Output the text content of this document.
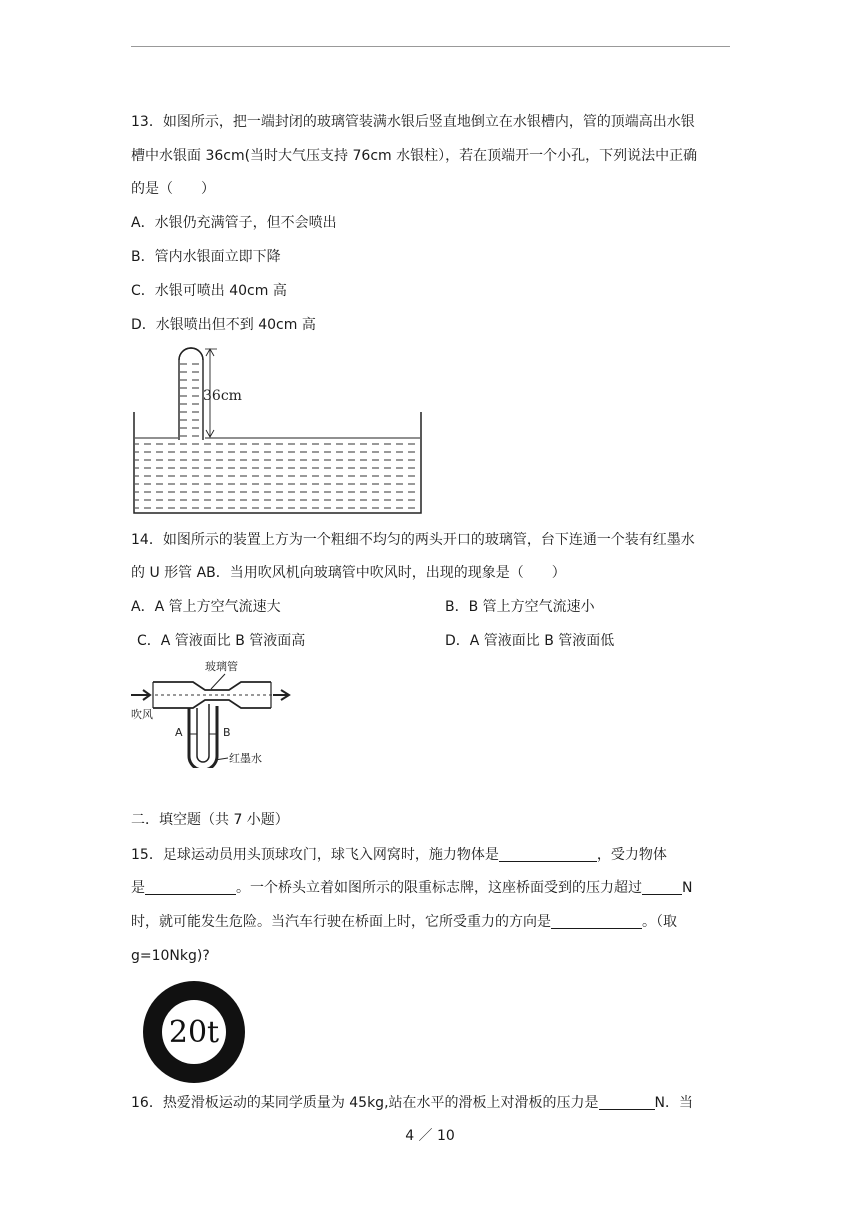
13．如图所示，把一端封闭的玻璃管装满水银后竖直地倒立在水银槽内，管的顶端高出水银
槽中水银面 36cm(当时大气压支持 76cm 水银柱），若在顶端开一个小孔，下列说法中正确
的是（　　）
A．水银仍充满管子，但不会喷出
B．管内水银面立即下降
C．水银可喷出 40cm 高
D．水银喷出但不到 40cm 高
36cm
14．如图所示的装置上方为一个粗细不均匀的两头开口的玻璃管，台下连通一个装有红墨水
的 U 形管 AB．当用吹风机向玻璃管中吹风时，出现的现象是（　　）
A．A 管上方空气流速大	B．B 管上方空气流速小
C．A 管液面比 B 管液面高	D．A 管液面比 B 管液面低
玻璃管
吹风
A	B
红墨水
二．填空题（共 7 小题）
15．足球运动员用头顶球攻门，球飞入网窝时，施力物体是	，受力物体
是	。一个桥头立着如图所示的限重标志牌，这座桥面受到的压力超过	N
时，就可能发生危险。当汽车行驶在桥面上时，它所受重力的方向是	。（取
g=10Nkg)?
20t
16．热爱滑板运动的某同学质量为 45kg,站在水平的滑板上对滑板的压力是	N．当
4 ／ 10
